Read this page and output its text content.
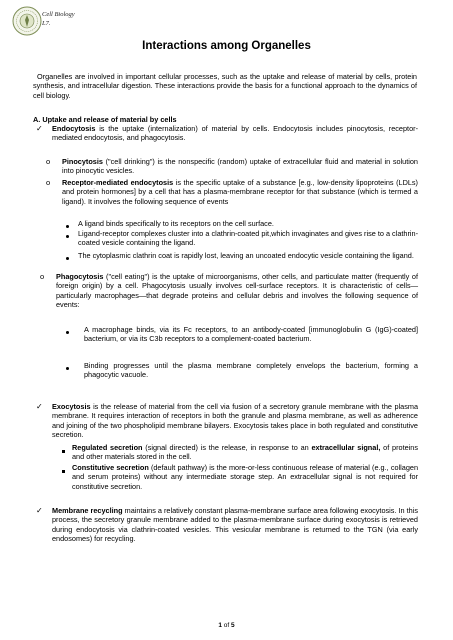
Cell Biology
L7.
Interactions among Organelles
Organelles are involved in important cellular processes, such as the uptake and release of material by cells, protein synthesis, and intracellular digestion. These interactions provide the basis for a functional approach to the dynamics of cell biology.
A. Uptake and release of material by cells
✓ Endocytosis is the uptake (internalization) of material by cells. Endocytosis includes pinocytosis, receptor-mediated endocytosis, and phagocytosis.
o Pinocytosis ("cell drinking") is the nonspecific (random) uptake of extracellular fluid and material in solution into pinocytic vesicles.
o Receptor-mediated endocytosis is the specific uptake of a substance [e.g., low-density lipoproteins (LDLs) and protein hormones] by a cell that has a plasma-membrane receptor for that substance (which is termed a ligand). It involves the following sequence of events
A ligand binds specifically to its receptors on the cell surface.
Ligand-receptor complexes cluster into a clathrin-coated pit,which invaginates and gives rise to a clathrin-coated vesicle containing the ligand.
The cytoplasmic clathrin coat is rapidly lost, leaving an uncoated endocytic vesicle containing the ligand.
o Phagocytosis ("cell eating") is the uptake of microorganisms, other cells, and particulate matter (frequently of foreign origin) by a cell. Phagocytosis usually involves cell-surface receptors. It is characteristic of cells—particularly macrophages—that degrade proteins and cellular debris and involves the following sequence of events:
A macrophage binds, via its Fc receptors, to an antibody-coated [immunoglobulin G (IgG)-coated] bacterium, or via its C3b receptors to a complement-coated bacterium.
Binding progresses until the plasma membrane completely envelops the bacterium, forming a phagocytic vacuole.
✓ Exocytosis is the release of material from the cell via fusion of a secretory granule membrane with the plasma membrane. It requires interaction of receptors in both the granule and plasma membrane, as well as adherence and joining of the two phospholipid membrane bilayers. Exocytosis takes place in both regulated and constitutive secretion.
Regulated secretion (signal directed) is the release, in response to an extracellular signal, of proteins and other materials stored in the cell.
Constitutive secretion (default pathway) is the more-or-less continuous release of material (e.g., collagen and serum proteins) without any intermediate storage step. An extracellular signal is not required for constitutive secretion.
✓ Membrane recycling maintains a relatively constant plasma-membrane surface area following exocytosis. In this process, the secretory granule membrane added to the plasma-membrane surface during exocytosis is retrieved during endocytosis via clathrin-coated vesicles. This vesicular membrane is returned to the TGN (via early endosomes) for recycling.
1 of 5
